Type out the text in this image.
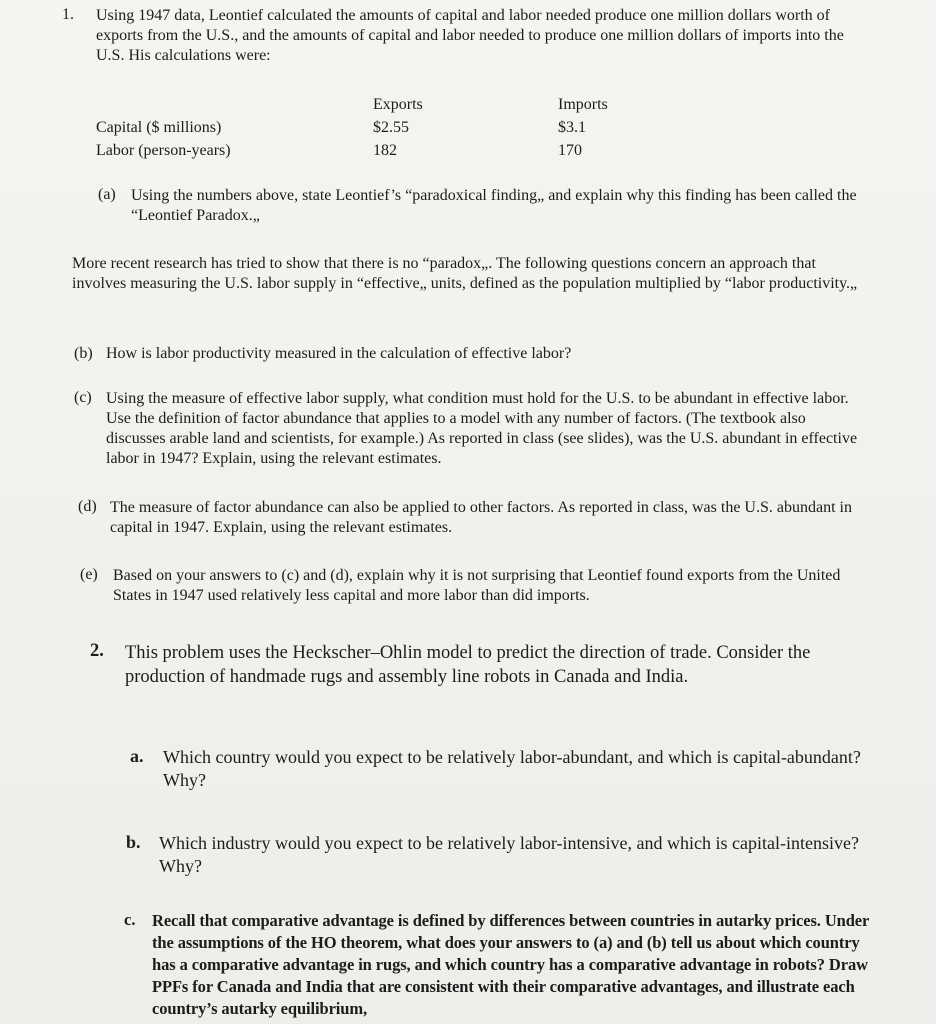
1. Using 1947 data, Leontief calculated the amounts of capital and labor needed produce one million dollars worth of exports from the U.S., and the amounts of capital and labor needed to produce one million dollars of imports into the U.S. His calculations were:

Exports	Imports
Capital ($ millions)
Labor (person-years)
$2.55
182
$3.1
170
(a) Using the numbers above, state Leontief’s “paradoxical finding„ and explain why this finding has been called the “Leontief Paradox.„

More recent research has tried to show that there is no “paradox„. The following questions concern an approach that involves measuring the U.S. labor supply in “effective„ units, defined as the population multiplied by “labor productivity.„

(b) How is labor productivity measured in the calculation of effective labor?

(c) Using the measure of effective labor supply, what condition must hold for the U.S. to be abundant in effective labor. Use the definition of factor abundance that applies to a model with any number of factors. (The textbook also discusses arable land and scientists, for example.) As reported in class (see slides), was the U.S. abundant in effective labor in 1947? Explain, using the relevant estimates.

(d) The measure of factor abundance can also be applied to other factors. As reported in class, was the U.S. abundant in capital in 1947. Explain, using the relevant estimates.

(e) Based on your answers to (c) and (d), explain why it is not surprising that Leontief found exports from the United States in 1947 used relatively less capital and more labor than did imports.

2. This problem uses the Heckscher–Ohlin model to predict the direction of trade. Consider the production of handmade rugs and assembly line robots in Canada and India.

a. Which country would you expect to be relatively labor-abundant, and which is capital-abundant? Why?

b. Which industry would you expect to be relatively labor-intensive, and which is capital-intensive? Why?

c. Recall that comparative advantage is defined by differences between countries in autarky prices. Under the assumptions of the HO theorem, what does your answers to (a) and (b) tell us about which country has a comparative advantage in rugs, and which country has a comparative advantage in robots? Draw PPFs for Canada and India that are consistent with their comparative advantages, and illustrate each country’s autarky equilibrium,
